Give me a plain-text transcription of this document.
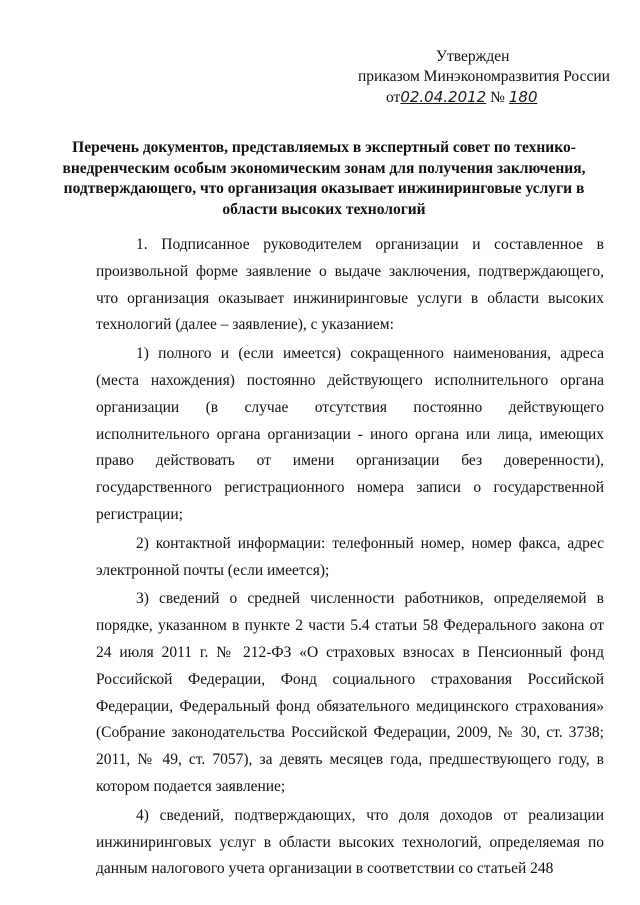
Утвержден
приказом Минэкономразвития России
от02.04.2012 № 180
Перечень документов, представляемых в экспертный совет по технико-внедренческим особым экономическим зонам для получения заключения, подтверждающего, что организация оказывает инжиниринговые услуги в области высоких технологий

1. Подписанное руководителем организации и составленное в произвольной форме заявление о выдаче заключения, подтверждающего, что организация оказывает инжиниринговые услуги в области высоких технологий (далее – заявление), с указанием:

1) полного и (если имеется) сокращенного наименования, адреса (места нахождения) постоянно действующего исполнительного органа организации (в случае отсутствия постоянно действующего исполнительного органа организации - иного органа или лица, имеющих право действовать от имени организации без доверенности), государственного регистрационного номера записи о государственной регистрации;

2) контактной информации: телефонный номер, номер факса, адрес электронной почты (если имеется);

3) сведений о средней численности работников, определяемой в порядке, указанном в пункте 2 части 5.4 статьи 58 Федерального закона от 24 июля 2011 г. № 212-ФЗ «О страховых взносах в Пенсионный фонд Российской Федерации, Фонд социального страхования Российской Федерации, Федеральный фонд обязательного медицинского страхования» (Собрание законодательства Российской Федерации, 2009, № 30, ст. 3738; 2011, № 49, ст. 7057), за девять месяцев года, предшествующего году, в котором подается заявление;

4) сведений, подтверждающих, что доля доходов от реализации инжиниринговых услуг в области высоких технологий, определяемая по данным налогового учета организации в соответствии со статьей 248
